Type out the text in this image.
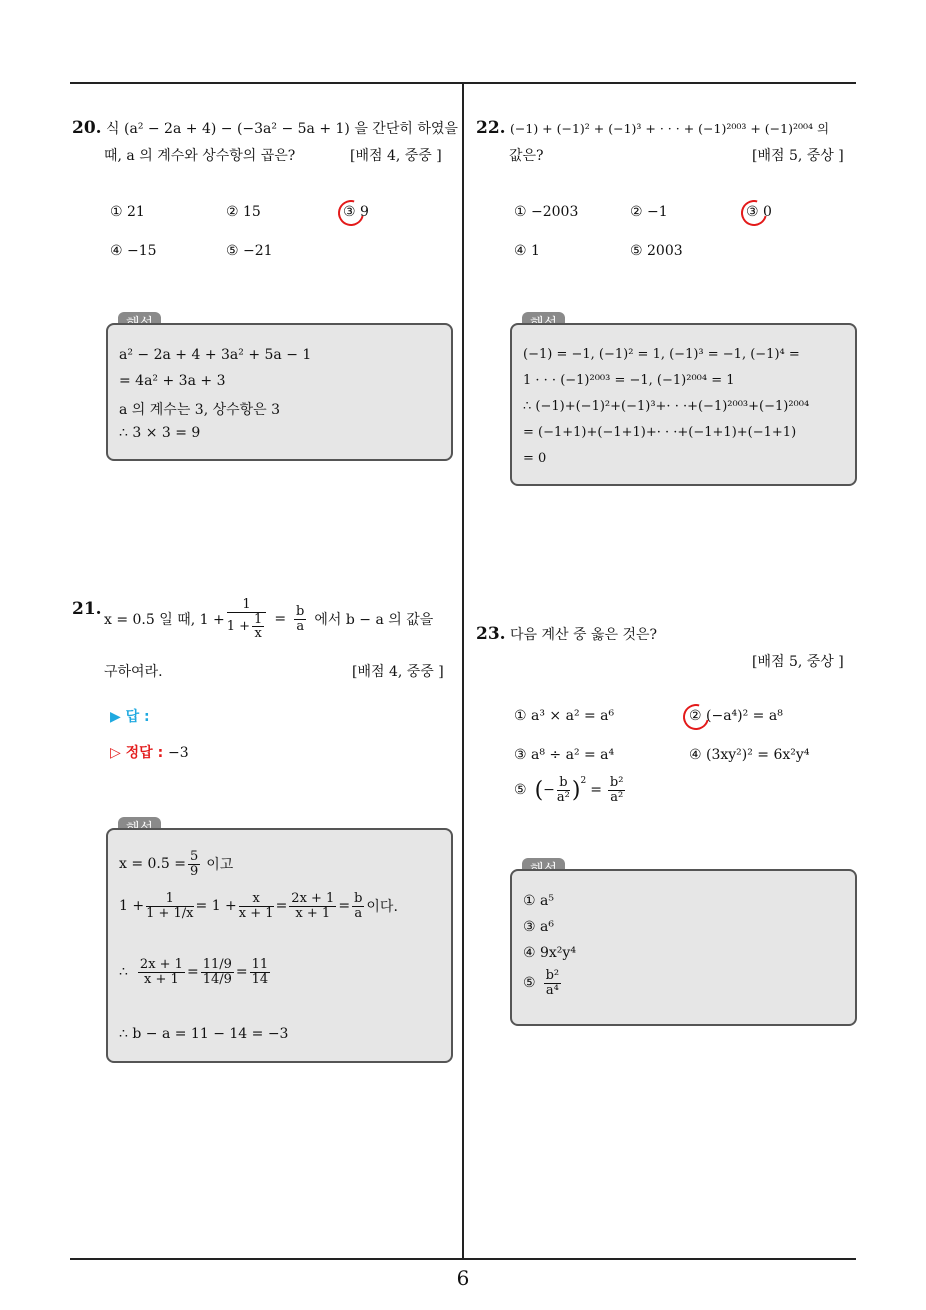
20. 식 (a² − 2a + 4) − (−3a² − 5a + 1) 을 간단히 하였을
때, a 의 계수와 상수항의 곱은?	[배점 4, 중중 ]
① 21	② 15	③ 9
④ −15	⑤ −21
a² − 2a + 4 + 3a² + 5a − 1
= 4a² + 3a + 3
a 의 계수는 3, 상수항은 3
∴ 3 × 3 = 9
21.
x = 0.5̇ 일 때, $1 + \frac{1}{1 + \frac{1}{x}} = \frac{b}{a}$ 에서 b − a 의 값을
구하여라.	[배점 4, 중중 ]
▶ 답 :
▷ 정답 : −3
x = 0.5̇ = $\frac{5}{9}$ 이고
$1 + \frac{1}{1 + 1/x} = 1 + \frac{x}{x + 1} = \frac{2x + 1}{x + 1} = \frac{b}{a}$ 이다.
∴ $\frac{2x + 1}{x + 1} = \frac{11/9}{14/9} = \frac{11}{14}$
∴ b − a = 11 − 14 = −3
22. (−1) + (−1)² + (−1)³ + · · · + (−1)²⁰⁰³ + (−1)²⁰⁰⁴ 의
값은?	[배점 5, 중상 ]
① −2003	② −1	③ 0
④ 1	⑤ 2003
(−1) = −1, (−1)² = 1, (−1)³ = −1, (−1)⁴ =
1 · · · (−1)²⁰⁰³ = −1, (−1)²⁰⁰⁴ = 1
∴ (−1)+(−1)²+(−1)³+· · ·+(−1)²⁰⁰³+(−1)²⁰⁰⁴
= (−1+1)+(−1+1)+· · ·+(−1+1)+(−1+1)
= 0
23. 다음 계산 중 옳은 것은?
[배점 5, 중상 ]
① a³ × a² = a⁶	② (−a⁴)² = a⁸
③ a⁸ ÷ a² = a⁴	④ (3xy²)² = 6x²y⁴
⑤ ( − $\frac{b}{\text{a²}} )^2$
= $\frac{\text{b²}}{\text{a²}}$
① a⁵
③ a⁶
④ 9x²y⁴
⑤ $\frac{\text{b²}}{\text{a⁴}}$
6
